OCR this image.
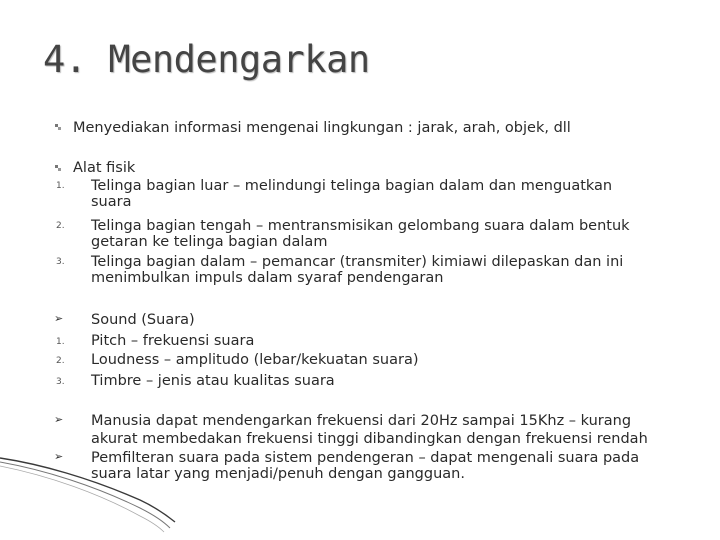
4. Mendengarkan
Menyediakan informasi mengenai lingkungan : jarak, arah, objek, dll
Alat fisik
1. Telinga bagian luar – melindungi telinga bagian dalam dan menguatkan
suara
2. Telinga bagian tengah – mentransmisikan gelombang suara dalam bentuk
getaran ke telinga bagian dalam
3. Telinga bagian dalam – pemancar (transmiter) kimiawi dilepaskan dan ini
menimbulkan impuls dalam syaraf pendengaran
➢ Sound (Suara)
1. Pitch – frekuensi suara
2. Loudness – amplitudo (lebar/kekuatan suara)
3. Timbre – jenis atau kualitas suara
➢ Manusia dapat mendengarkan frekuensi dari 20Hz sampai 15Khz – kurang
akurat membedakan frekuensi tinggi dibandingkan dengan frekuensi rendah
➢ Pemfilteran suara pada sistem pendengeran – dapat mengenali suara pada
suara latar yang menjadi/penuh dengan gangguan.
